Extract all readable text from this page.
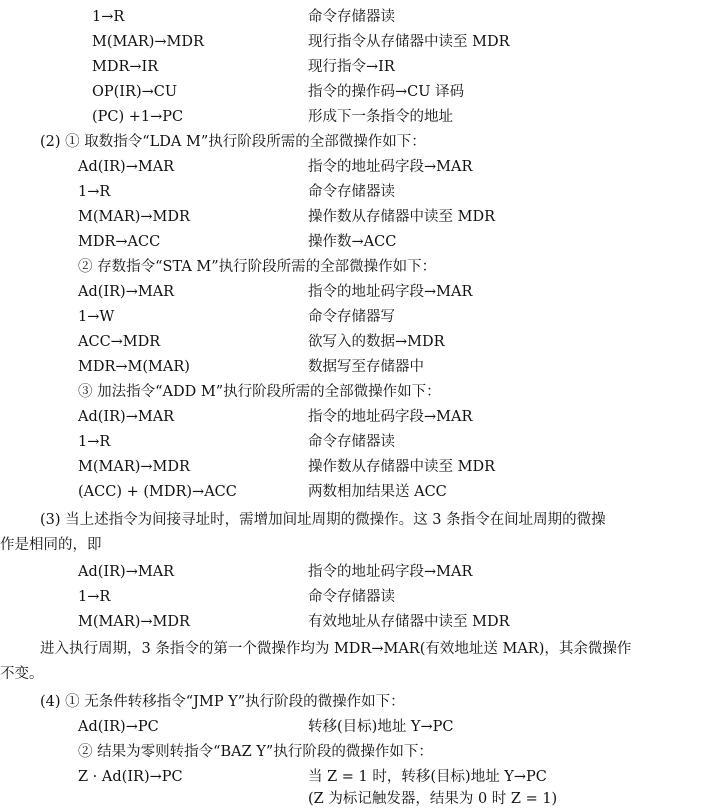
1→R	命令存储器读
M(MAR)→MDR	现行指令从存储器中读至 MDR
MDR→IR	现行指令→IR
OP(IR)→CU	指令的操作码→CU 译码
(PC) +1→PC	形成下一条指令的地址
(2) ① 取数指令“LDA M”执行阶段所需的全部微操作如下：
Ad(IR)→MAR	指令的地址码字段→MAR
1→R	命令存储器读
M(MAR)→MDR	操作数从存储器中读至 MDR
MDR→ACC	操作数→ACC
② 存数指令“STA M”执行阶段所需的全部微操作如下：
Ad(IR)→MAR	指令的地址码字段→MAR
1→W	命令存储器写
ACC→MDR	欲写入的数据→MDR
MDR→M(MAR)	数据写至存储器中
③ 加法指令“ADD M”执行阶段所需的全部微操作如下：
Ad(IR)→MAR	指令的地址码字段→MAR
1→R	命令存储器读
M(MAR)→MDR	操作数从存储器中读至 MDR
(ACC) + (MDR)→ACC	两数相加结果送 ACC
(3) 当上述指令为间接寻址时，需增加间址周期的微操作。这 3 条指令在间址周期的微操
作是相同的，即
Ad(IR)→MAR	指令的地址码字段→MAR
1→R	命令存储器读
M(MAR)→MDR	有效地址从存储器中读至 MDR
进入执行周期，3 条指令的第一个微操作均为 MDR→MAR(有效地址送 MAR)，其余微操作
不变。
(4) ① 无条件转移指令“JMP Y”执行阶段的微操作如下：
Ad(IR)→PC	转移(目标)地址 Y→PC
② 结果为零则转指令“BAZ Y”执行阶段的微操作如下：
Z · Ad(IR)→PC	当 Z = 1 时，转移(目标)地址 Y→PC
(Z 为标记触发器，结果为 0 时 Z = 1)
